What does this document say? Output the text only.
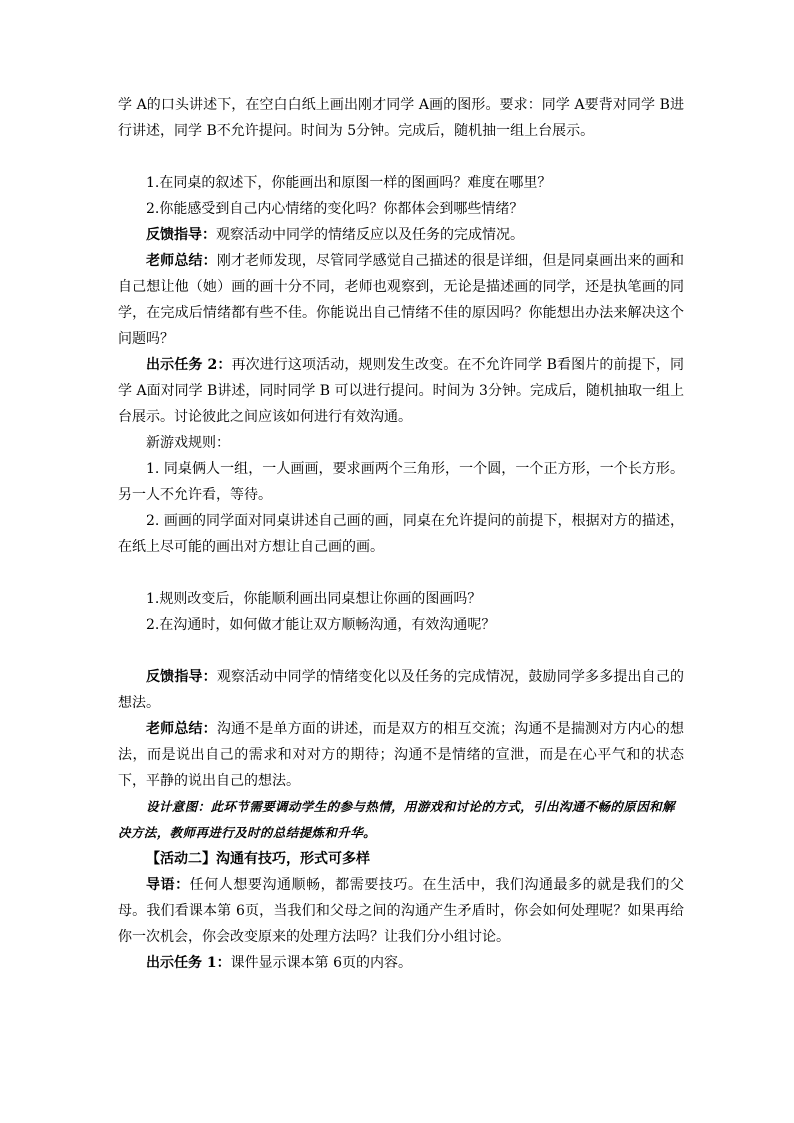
学 A的口头讲述下，在空白白纸上画出刚才同学 A画的图形。要求：同学 A要背对同学 B进行讲述，同学 B不允许提问。时间为 5分钟。完成后，随机抽一组上台展示。

1.在同桌的叙述下，你能画出和原图一样的图画吗？难度在哪里？

2.你能感受到自己内心情绪的变化吗？你都体会到哪些情绪？

反馈指导：观察活动中同学的情绪反应以及任务的完成情况。

老师总结：刚才老师发现，尽管同学感觉自己描述的很是详细，但是同桌画出来的画和自己想让他（她）画的画十分不同，老师也观察到，无论是描述画的同学，还是执笔画的同学，在完成后情绪都有些不佳。你能说出自己情绪不佳的原因吗？你能想出办法来解决这个问题吗？

出示任务 2：再次进行这项活动，规则发生改变。在不允许同学 B看图片的前提下，同学 A面对同学 B讲述，同时同学 B 可以进行提问。时间为 3分钟。完成后，随机抽取一组上台展示。讨论彼此之间应该如何进行有效沟通。

新游戏规则：

1. 同桌俩人一组，一人画画，要求画两个三角形，一个圆，一个正方形，一个长方形。另一人不允许看，等待。

2. 画画的同学面对同桌讲述自己画的画，同桌在允许提问的前提下，根据对方的描述，在纸上尽可能的画出对方想让自己画的画。

1.规则改变后，你能顺利画出同桌想让你画的图画吗？

2.在沟通时，如何做才能让双方顺畅沟通，有效沟通呢？

反馈指导：观察活动中同学的情绪变化以及任务的完成情况，鼓励同学多多提出自己的想法。

老师总结：沟通不是单方面的讲述，而是双方的相互交流；沟通不是揣测对方内心的想法，而是说出自己的需求和对对方的期待；沟通不是情绪的宣泄，而是在心平气和的状态下，平静的说出自己的想法。

设计意图：此环节需要调动学生的参与热情，用游戏和讨论的方式，引出沟通不畅的原因和解决方法，教师再进行及时的总结提炼和升华。

【活动二】沟通有技巧，形式可多样

导语：任何人想要沟通顺畅，都需要技巧。在生活中，我们沟通最多的就是我们的父母。我们看课本第 6页，当我们和父母之间的沟通产生矛盾时，你会如何处理呢？如果再给你一次机会，你会改变原来的处理方法吗？让我们分小组讨论。

出示任务 1：课件显示课本第 6页的内容。
